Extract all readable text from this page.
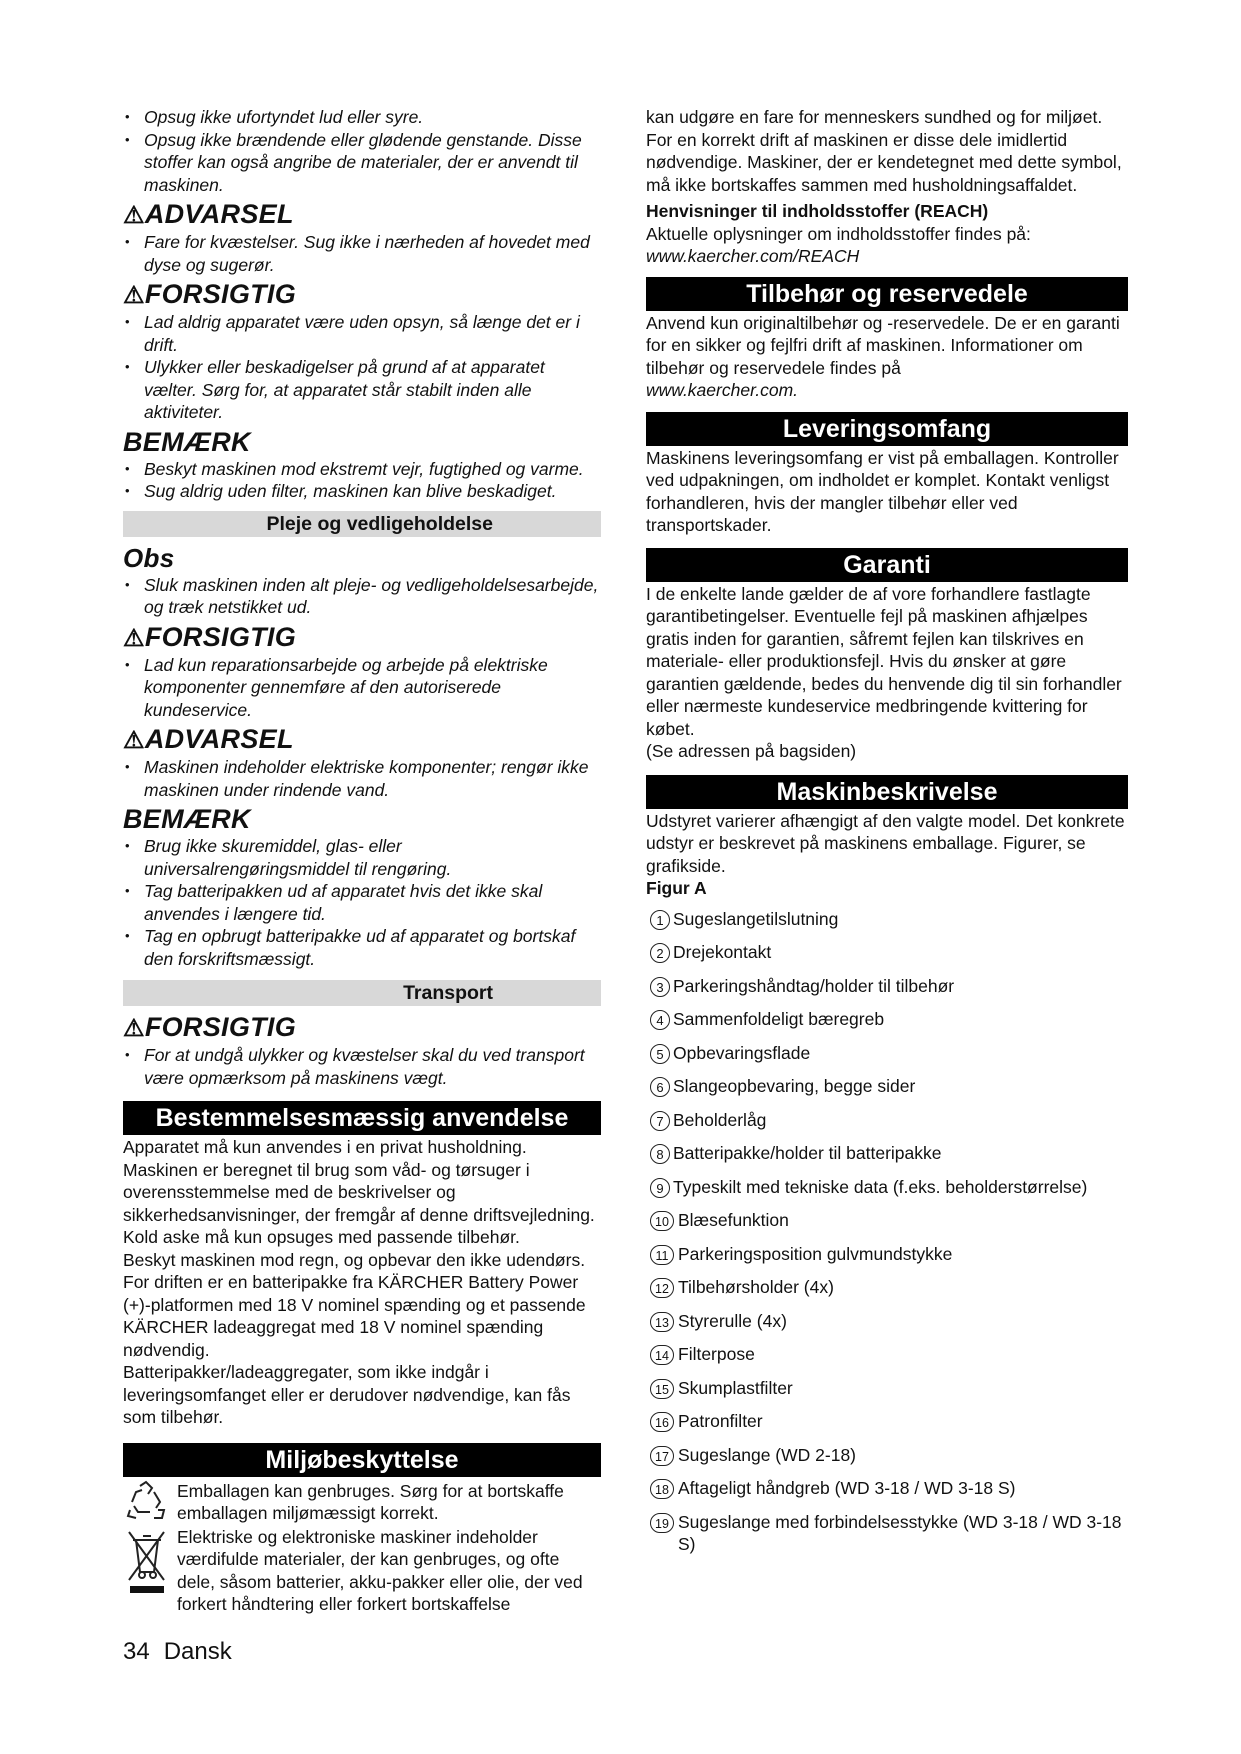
• Opsug ikke ufortyndet lud eller syre.
• Opsug ikke brændende eller glødende genstande. Disse stoffer kan også angribe de materialer, der er anvendt til maskinen.
⚠ADVARSEL
• Fare for kvæstelser. Sug ikke i nærheden af hovedet med dyse og sugerør.
⚠FORSIGTIG
• Lad aldrig apparatet være uden opsyn, så længe det er i drift.
• Ulykker eller beskadigelser på grund af at apparatet vælter. Sørg for, at apparatet står stabilt inden alle aktiviteter.
BEMÆRK
• Beskyt maskinen mod ekstremt vejr, fugtighed og varme.
• Sug aldrig uden filter, maskinen kan blive beskadiget.
Pleje og vedligeholdelse
Obs
• Sluk maskinen inden alt pleje- og vedligeholdelsesarbejde, og træk netstikket ud.
⚠FORSIGTIG
• Lad kun reparationsarbejde og arbejde på elektriske komponenter gennemføre af den autoriserede kundeservice.
⚠ADVARSEL
• Maskinen indeholder elektriske komponenter; rengør ikke maskinen under rindende vand.
BEMÆRK
• Brug ikke skuremiddel, glas- eller universalrengøringsmiddel til rengøring.
• Tag batteripakken ud af apparatet hvis det ikke skal anvendes i længere tid.
• Tag en opbrugt batteripakke ud af apparatet og bortskaf den forskriftsmæssigt.
Transport
⚠FORSIGTIG
• For at undgå ulykker og kvæstelser skal du ved transport være opmærksom på maskinens vægt.
Bestemmelsesmæssig anvendelse

Apparatet må kun anvendes i en privat husholdning.

Maskinen er beregnet til brug som våd- og tørsuger i overensstemmelse med de beskrivelser og sikkerhedsanvisninger, der fremgår af denne driftsvejledning.

Kold aske må kun opsuges med passende tilbehør.

Beskyt maskinen mod regn, og opbevar den ikke udendørs.

For driften er en batteripakke fra KÄRCHER Battery Power (+)-platformen med 18 V nominel spænding og et passende KÄRCHER ladeaggregat med 18 V nominel spænding nødvendig.

Batteripakker/ladeaggregater, som ikke indgår i leveringsomfanget eller er derudover nødvendige, kan fås som tilbehør.

Miljøbeskyttelse

Emballagen kan genbruges. Sørg for at bortskaffe emballagen miljømæssigt korrekt.

Elektriske og elektroniske maskiner indeholder værdifulde materialer, der kan genbruges, og ofte dele, såsom batterier, akku-pakker eller olie, der ved forkert håndtering eller forkert bortskaffelse

kan udgøre en fare for menneskers sundhed og for miljøet. For en korrekt drift af maskinen er disse dele imidlertid nødvendige. Maskiner, der er kendetegnet med dette symbol, må ikke bortskaffes sammen med husholdningsaffaldet.

Henvisninger til indholdsstoffer (REACH)

Aktuelle oplysninger om indholdsstoffer findes på:

www.kaercher.com/REACH

Tilbehør og reservedele

Anvend kun originaltilbehør og -reservedele. De er en garanti for en sikker og fejlfri drift af maskinen. Informationer om tilbehør og reservedele findes på

www.kaercher.com.

Leveringsomfang

Maskinens leveringsomfang er vist på emballagen. Kontroller ved udpakningen, om indholdet er komplet. Kontakt venligst forhandleren, hvis der mangler tilbehør eller ved transportskader.

Garanti

I de enkelte lande gælder de af vore forhandlere fastlagte garantibetingelser. Eventuelle fejl på maskinen afhjælpes gratis inden for garantien, såfremt fejlen kan tilskrives en materiale- eller produktionsfejl. Hvis du ønsker at gøre garantien gældende, bedes du henvende dig til sin forhandler eller nærmeste kundeservice medbringende kvittering for købet.

(Se adressen på bagsiden)

Maskinbeskrivelse

Udstyret varierer afhængigt af den valgte model. Det konkrete udstyr er beskrevet på maskinens emballage. Figurer, se grafikside.

Figur A

1 Sugeslangetilslutning
2 Drejekontakt
3 Parkeringshåndtag/holder til tilbehør
4 Sammenfoldeligt bæregreb
5 Opbevaringsflade
6 Slangeopbevaring, begge sider
7 Beholderlåg
8 Batteripakke/holder til batteripakke
9 Typeskilt med tekniske data (f.eks. beholderstørrelse)
10 Blæsefunktion
11 Parkeringsposition gulvmundstykke
12 Tilbehørsholder (4x)
13 Styrerulle (4x)
14 Filterpose
15 Skumplastfilter
16 Patronfilter
17 Sugeslange (WD 2-18)
18 Aftageligt håndgreb (WD 3-18 / WD 3-18 S)
19 Sugeslange med forbindelsesstykke (WD 3-18 / WD 3-18 S)
34 Dansk
